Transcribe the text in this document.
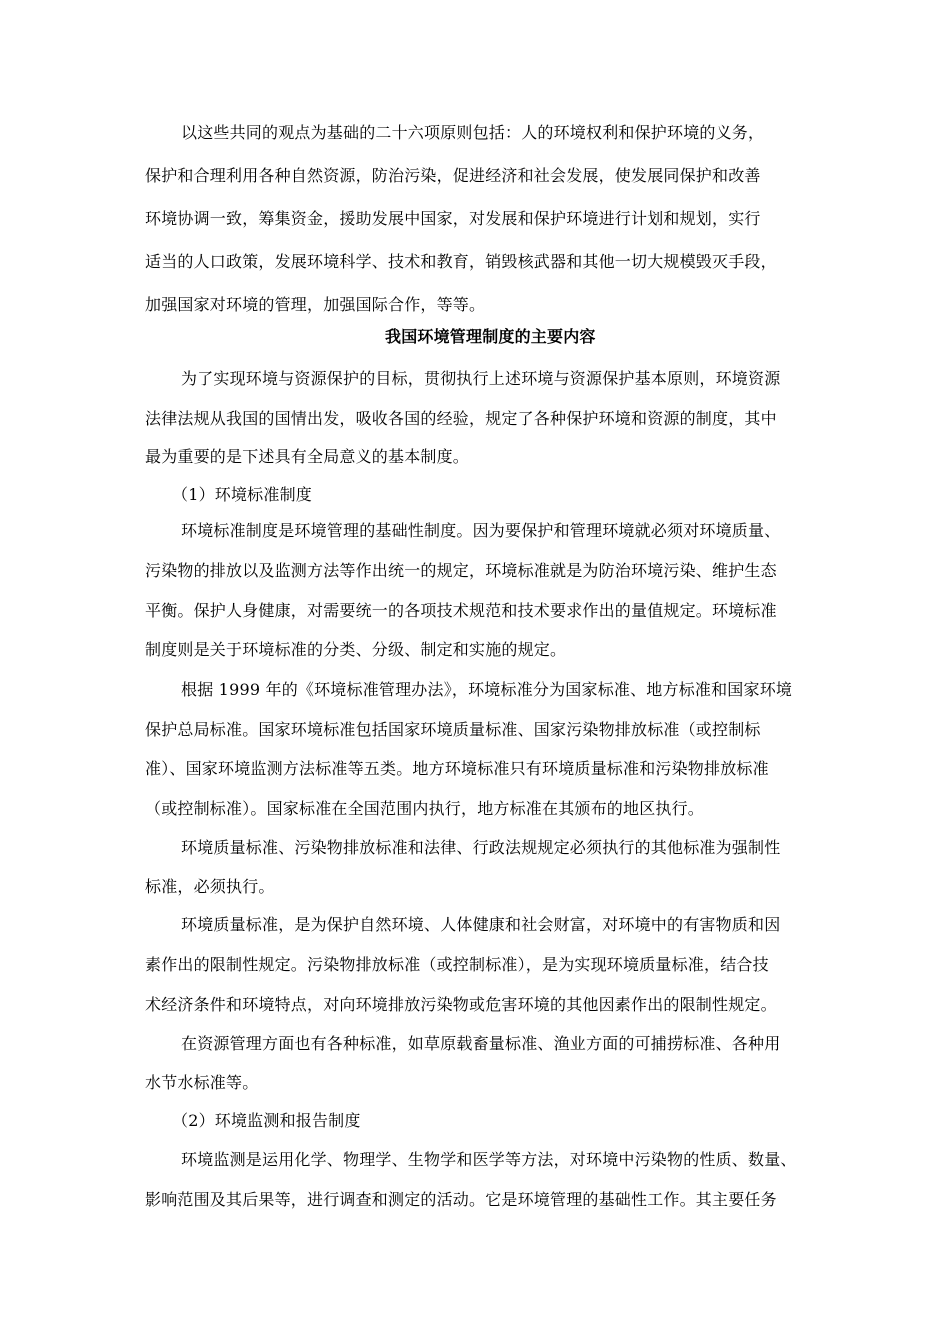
以这些共同的观点为基础的二十六项原则包括：人的环境权利和保护环境的义务，

保护和合理利用各种自然资源，防治污染，促进经济和社会发展，使发展同保护和改善

环境协调一致，筹集资金，援助发展中国家，对发展和保护环境进行计划和规划，实行

适当的人口政策，发展环境科学、技术和教育，销毁核武器和其他一切大规模毁灭手段，

加强国家对环境的管理，加强国际合作，等等。

我国环境管理制度的主要内容

为了实现环境与资源保护的目标，贯彻执行上述环境与资源保护基本原则，环境资源

法律法规从我国的国情出发，吸收各国的经验，规定了各种保护环境和资源的制度，其中

最为重要的是下述具有全局意义的基本制度。

（1）环境标准制度

环境标准制度是环境管理的基础性制度。因为要保护和管理环境就必须对环境质量、

污染物的排放以及监测方法等作出统一的规定，环境标准就是为防治环境污染、维护生态

平衡。保护人身健康，对需要统一的各项技术规范和技术要求作出的量值规定。环境标准

制度则是关于环境标准的分类、分级、制定和实施的规定。

根据 1999 年的《环境标准管理办法》，环境标准分为国家标准、地方标准和国家环境

保护总局标准。国家环境标准包括国家环境质量标准、国家污染物排放标准（或控制标

准）、国家环境监测方法标准等五类。地方环境标准只有环境质量标准和污染物排放标准

（或控制标准）。国家标准在全国范围内执行，地方标准在其颁布的地区执行。

环境质量标准、污染物排放标准和法律、行政法规规定必须执行的其他标准为强制性

标准，必须执行。

环境质量标准，是为保护自然环境、人体健康和社会财富，对环境中的有害物质和因

素作出的限制性规定。污染物排放标准（或控制标准），是为实现环境质量标准，结合技

术经济条件和环境特点，对向环境排放污染物或危害环境的其他因素作出的限制性规定。

在资源管理方面也有各种标准，如草原载畜量标准、渔业方面的可捕捞标准、各种用

水节水标准等。

（2）环境监测和报告制度

环境监测是运用化学、物理学、生物学和医学等方法，对环境中污染物的性质、数量、

影响范围及其后果等，进行调查和测定的活动。它是环境管理的基础性工作。其主要任务
